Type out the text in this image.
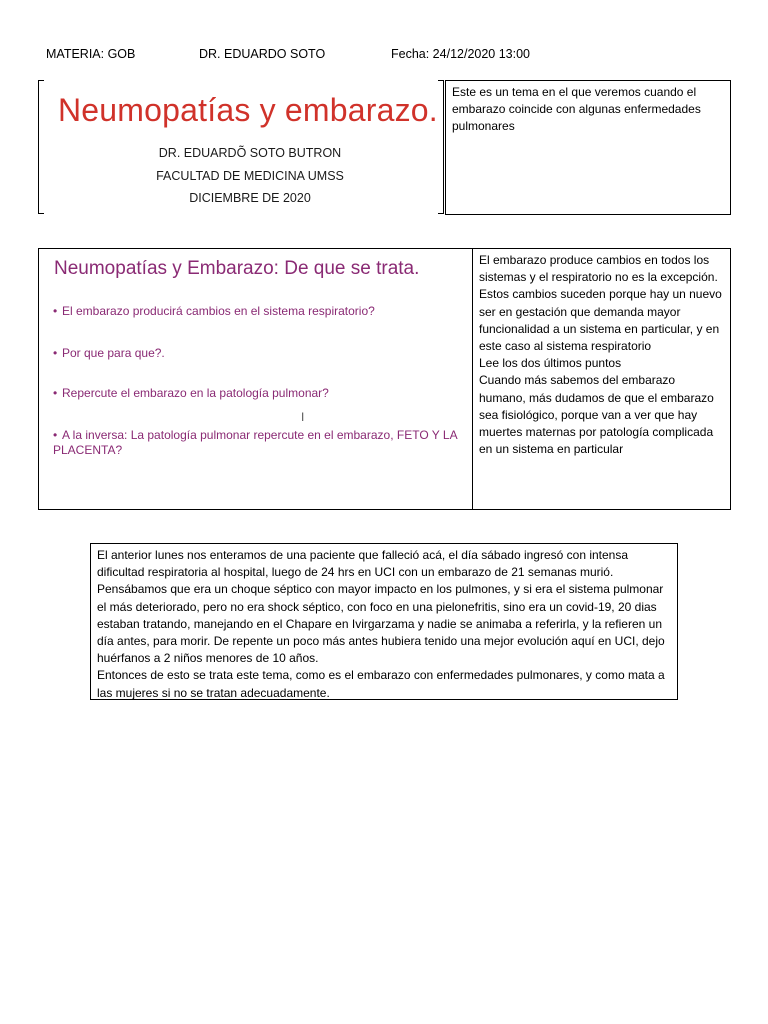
MATERIA: GOB	DR. EDUARDO SOTO	Fecha: 24/12/2020 13:00
Neumopatías y embarazo.
DR. EDUARDÕ SOTO BUTRON
FACULTAD DE MEDICINA UMSS
DICIEMBRE DE 2020

Este es un tema en el que veremos cuando el embarazo coincide con algunas enfermedades pulmonares

Neumopatías y Embarazo: De que se trata.
• El embarazo producirá cambios en el sistema respiratorio?
• Por que para que?.
• Repercute el embarazo en la patología pulmonar?
• A la inversa: La patología pulmonar repercute en el embarazo, FETO Y LA PLACENTA?
I

El embarazo produce cambios en todos los sistemas y el respiratorio no es la excepción.

Estos cambios suceden porque hay un nuevo ser en gestación que demanda mayor funcionalidad a un sistema en particular, y en este caso al sistema respiratorio

Lee los dos últimos puntos

Cuando más sabemos del embarazo humano, más dudamos de que el embarazo sea fisiológico, porque van a ver que hay muertes maternas por patología complicada en un sistema en particular

El anterior lunes nos enteramos de una paciente que falleció acá, el día sábado ingresó con intensa dificultad respiratoria al hospital, luego de 24 hrs en UCI con un embarazo de 21 semanas murió.

Pensábamos que era un choque séptico con mayor impacto en los pulmones, y si era el sistema pulmonar el más deteriorado, pero no era shock séptico, con foco en una pielonefritis, sino era un covid-19, 20 dias estaban tratando, manejando en el Chapare en Ivirgarzama y nadie se animaba a referirla, y la refieren un día antes, para morir. De repente un poco más antes hubiera tenido una mejor evolución aquí en UCI, dejo huérfanos a 2 niños menores de 10 años.

Entonces de esto se trata este tema, como es el embarazo con enfermedades pulmonares, y como mata a las mujeres si no se tratan adecuadamente.
